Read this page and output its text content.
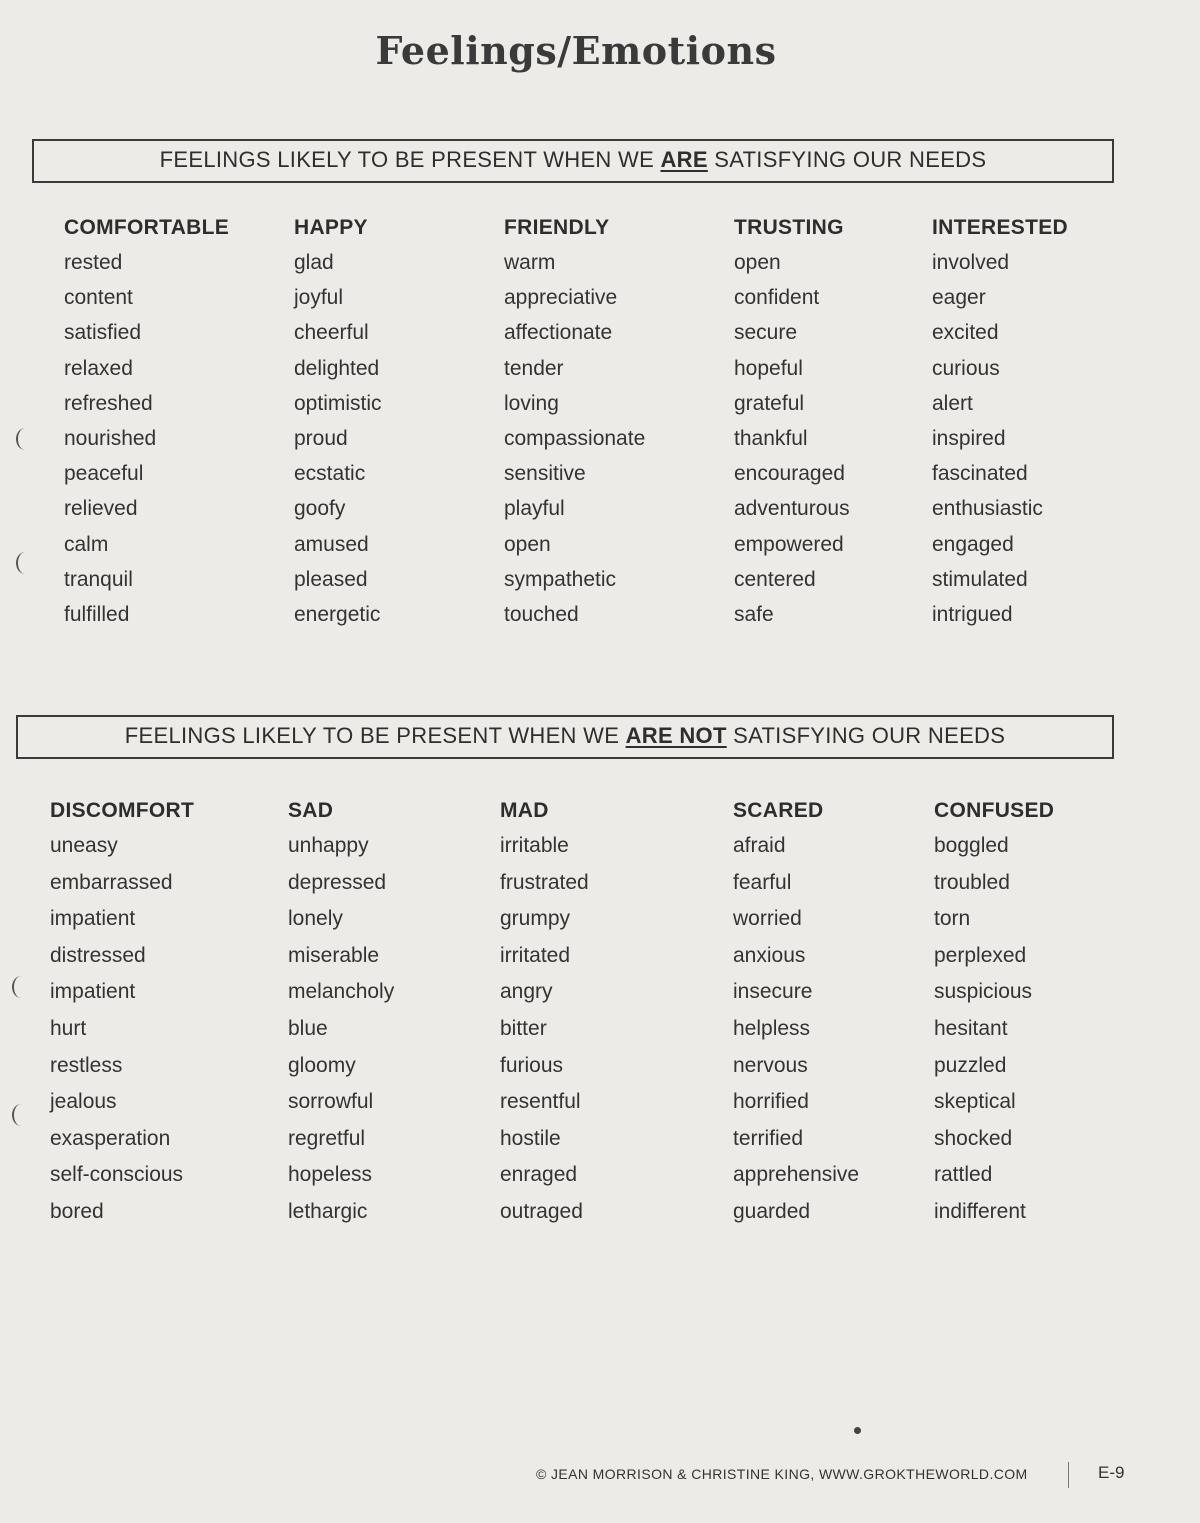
Feelings/Emotions
FEELINGS LIKELY TO BE PRESENT WHEN WE ARE SATISFYING OUR NEEDS
COMFORTABLE
rested
content
satisfied
relaxed
refreshed
nourished
peaceful
relieved
calm
tranquil
fulfilled
HAPPY
glad
joyful
cheerful
delighted
optimistic
proud
ecstatic
goofy
amused
pleased
energetic
FRIENDLY
warm
appreciative
affectionate
tender
loving
compassionate
sensitive
playful
open
sympathetic
touched
TRUSTING
open
confident
secure
hopeful
grateful
thankful
encouraged
adventurous
empowered
centered
safe
INTERESTED
involved
eager
excited
curious
alert
inspired
fascinated
enthusiastic
engaged
stimulated
intrigued
FEELINGS LIKELY TO BE PRESENT WHEN WE ARE NOT SATISFYING OUR NEEDS
DISCOMFORT
uneasy
embarrassed
impatient
distressed
impatient
hurt
restless
jealous
exasperation
self-conscious
bored
SAD
unhappy
depressed
lonely
miserable
melancholy
blue
gloomy
sorrowful
regretful
hopeless
lethargic
MAD
irritable
frustrated
grumpy
irritated
angry
bitter
furious
resentful
hostile
enraged
outraged
SCARED
afraid
fearful
worried
anxious
insecure
helpless
nervous
horrified
terrified
apprehensive
guarded
CONFUSED
boggled
troubled
torn
perplexed
suspicious
hesitant
puzzled
skeptical
shocked
rattled
indifferent
© JEAN MORRISON & CHRISTINE KING, WWW.GROKTHEWORLD.COM	E-9
